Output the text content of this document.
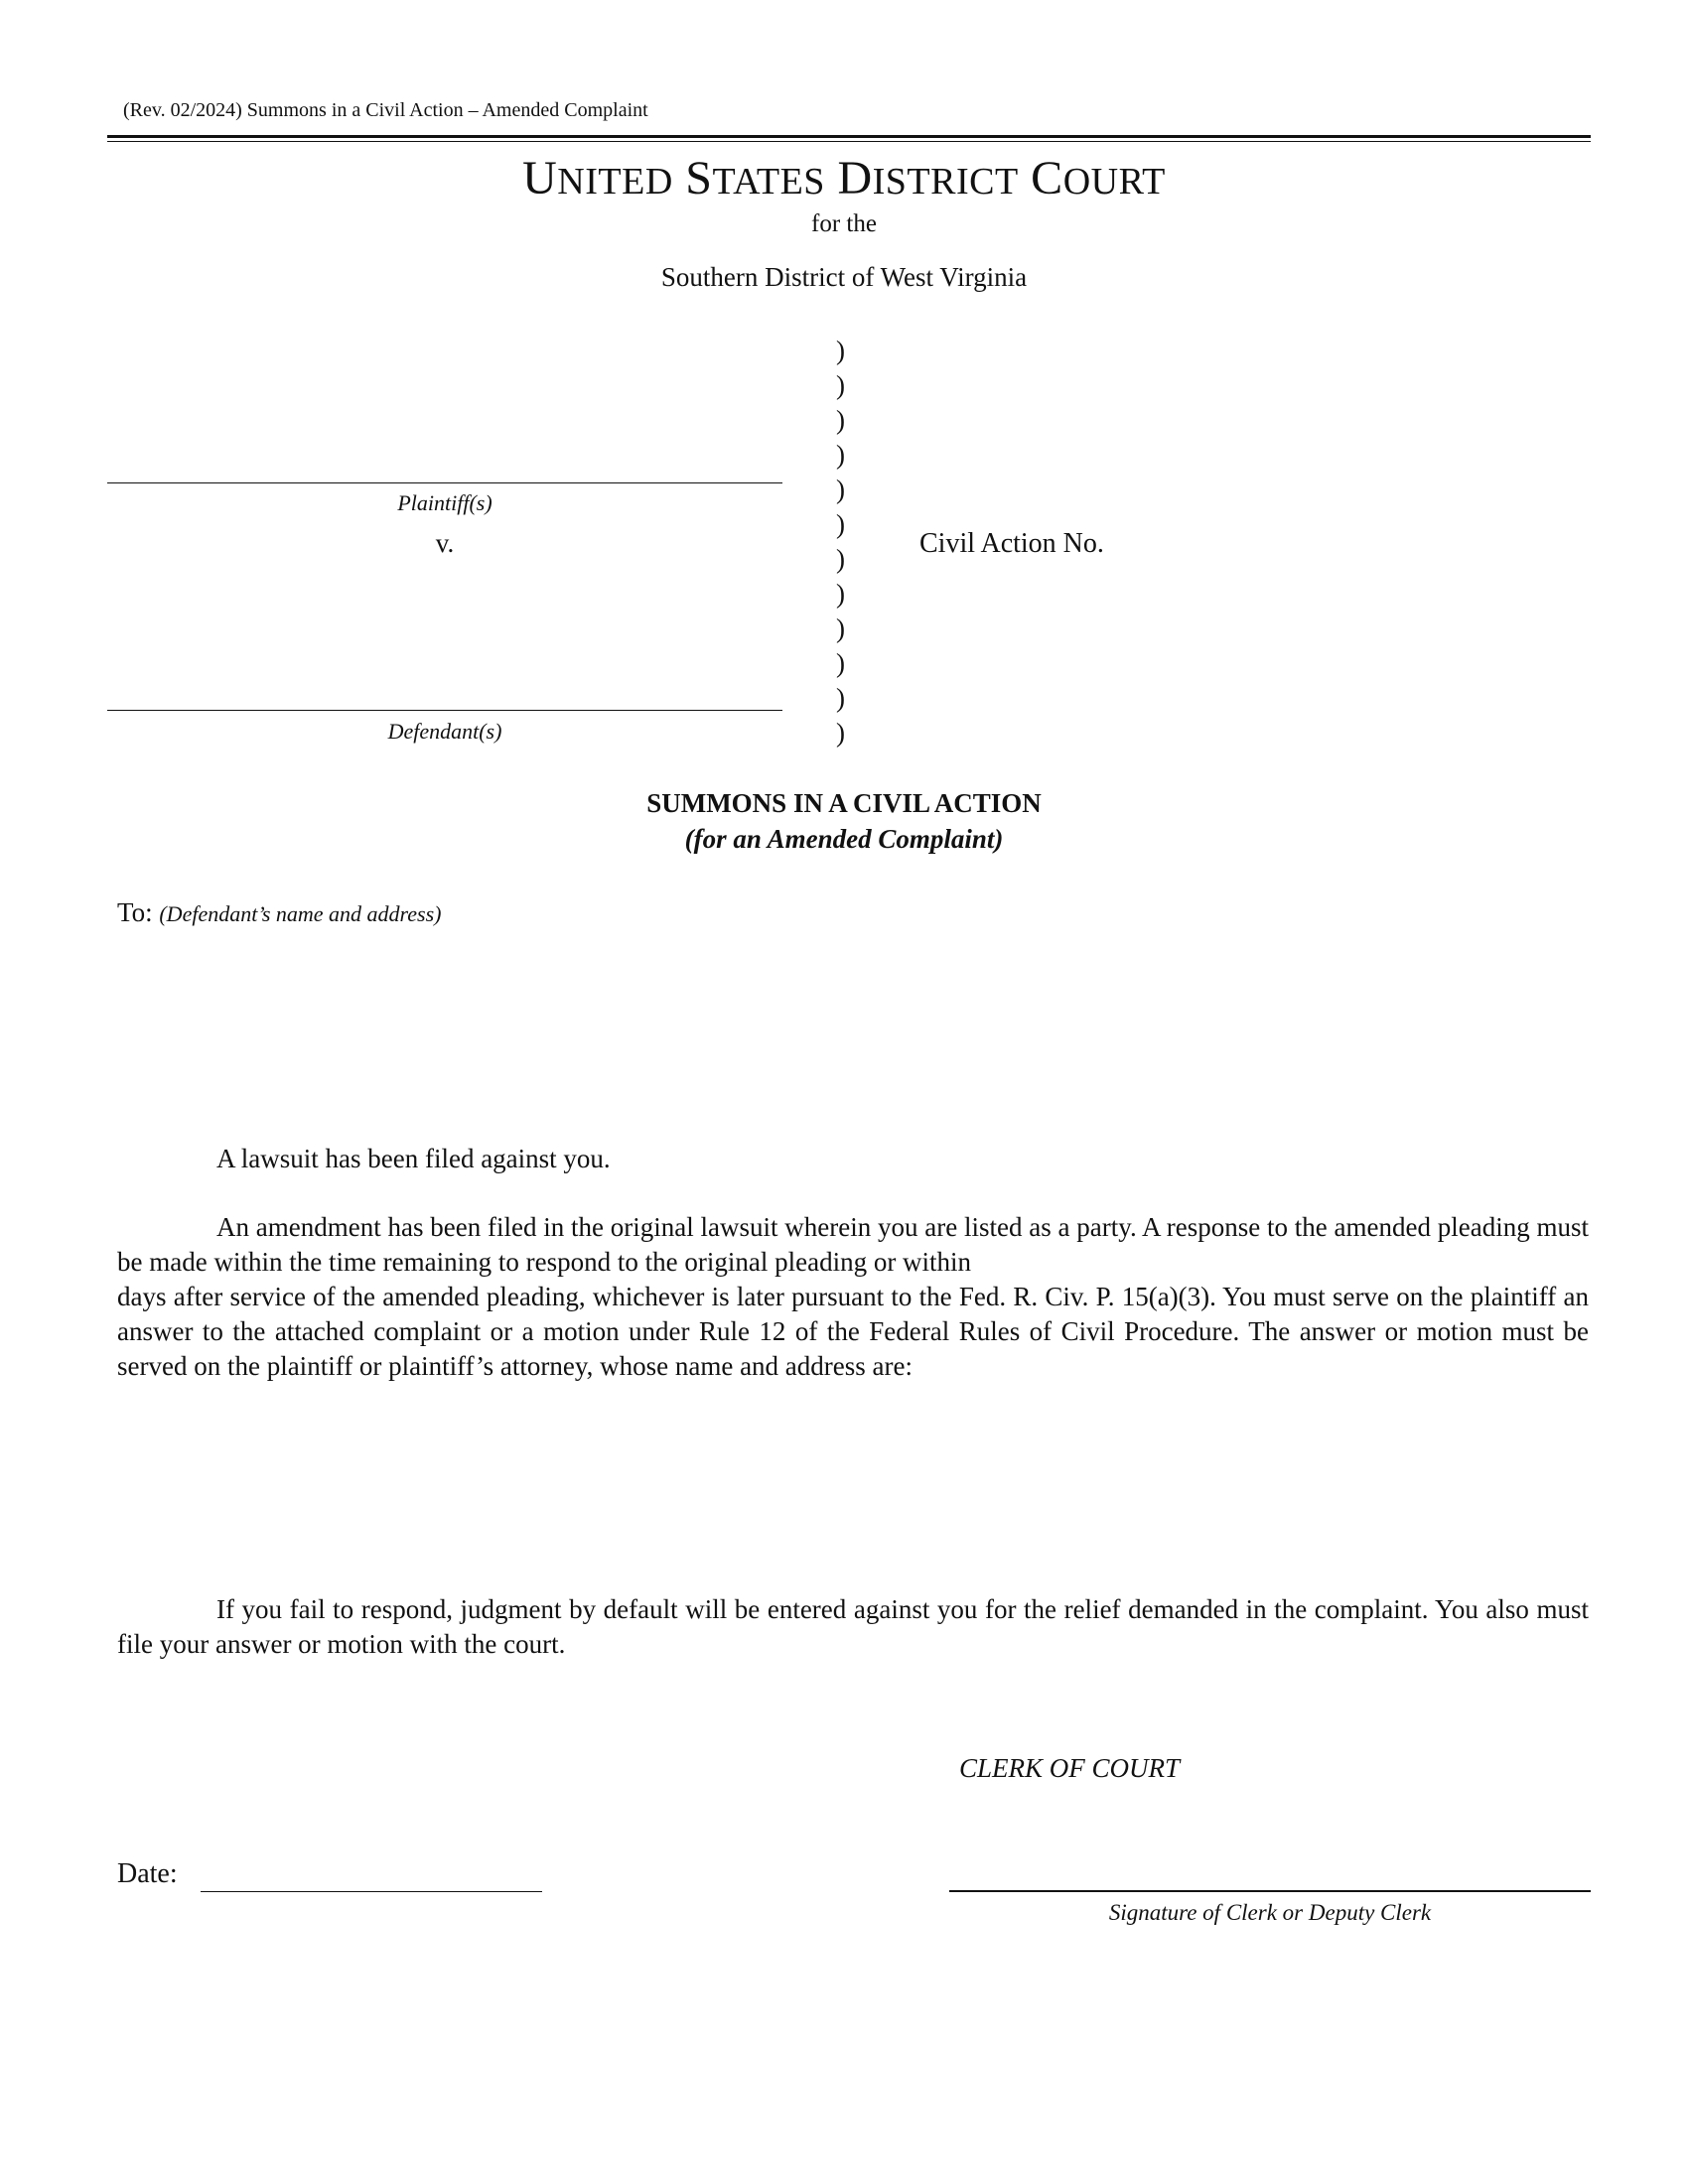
(Rev. 02/2024) Summons in a Civil Action – Amended Complaint
UNITED STATES DISTRICT COURT
for the
Southern District of West Virginia
Plaintiff(s)
v.
Defendant(s)
)
)
)
)
)
)
)
)
)
)
)
)
Civil Action No.
SUMMONS IN A CIVIL ACTION
(for an Amended Complaint)
To: (Defendant’s name and address)
A lawsuit has been filed against you.
An amendment has been filed in the original lawsuit wherein you are listed as a party. A response to the amended pleading must be made within the time remaining to respond to the original pleading or within
days after service of the amended pleading, whichever is later pursuant to the Fed. R. Civ. P. 15(a)(3). You must serve on the plaintiff an answer to the attached complaint or a motion under Rule 12 of the Federal Rules of Civil Procedure. The answer or motion must be served on the plaintiff or plaintiff’s attorney, whose name and address are:
If you fail to respond, judgment by default will be entered against you for the relief demanded in the complaint. You also must file your answer or motion with the court.
CLERK OF COURT
Date:
Signature of Clerk or Deputy Clerk
